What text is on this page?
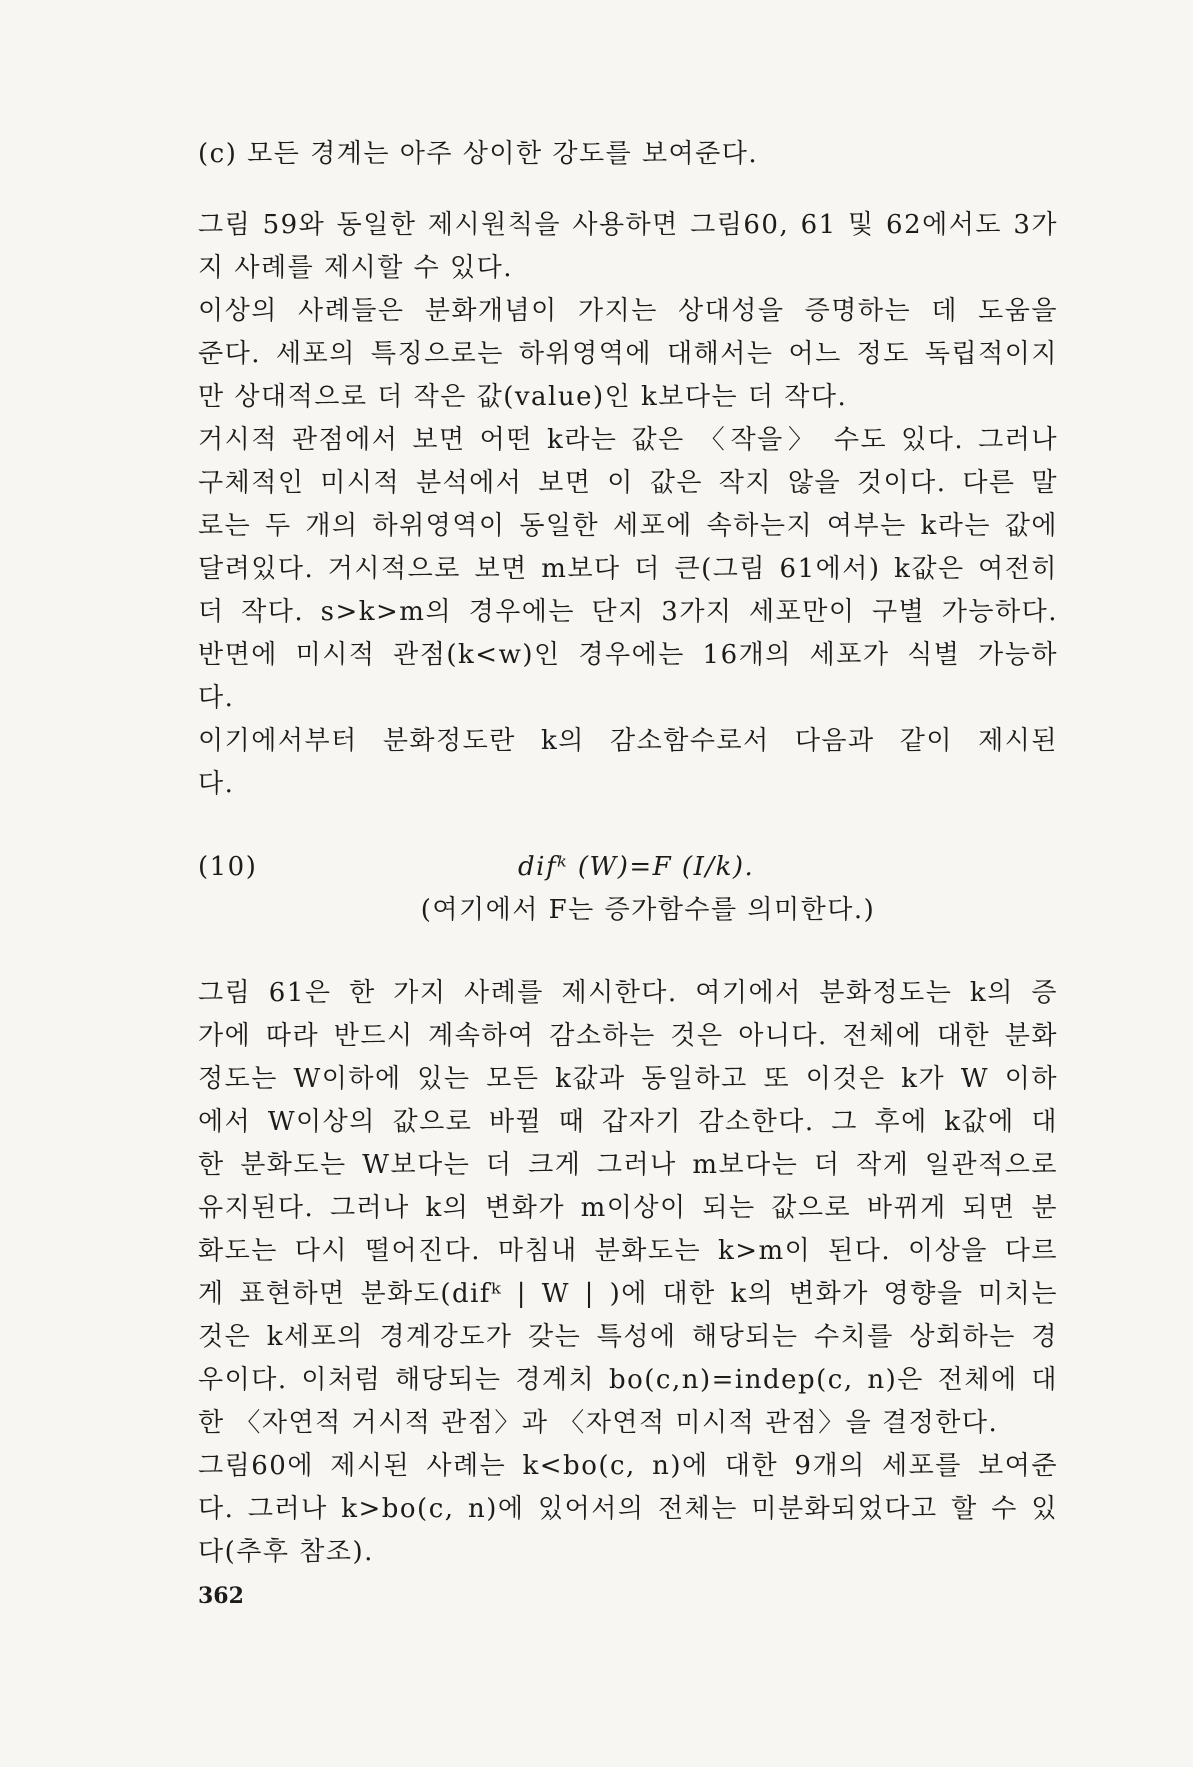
(c) 모든 경계는 아주 상이한 강도를 보여준다.

그림 59와 동일한 제시원칙을 사용하면 그림60, 61 및 62에서도 3가
지 사례를 제시할 수 있다.

이상의 사례들은 분화개념이 가지는 상대성을 증명하는 데 도움을
준다. 세포의 특징으로는 하위영역에 대해서는 어느 정도 독립적이지
만 상대적으로 더 작은 값(value)인 k보다는 더 작다.

거시적 관점에서 보면 어떤 k라는 값은 〈작을〉 수도 있다. 그러나
구체적인 미시적 분석에서 보면 이 값은 작지 않을 것이다. 다른 말
로는 두 개의 하위영역이 동일한 세포에 속하는지 여부는 k라는 값에
달려있다. 거시적으로 보면 m보다 더 큰(그림 61에서) k값은 여전히
더 작다. s>k>m의 경우에는 단지 3가지 세포만이 구별 가능하다.
반면에 미시적 관점(k<w)인 경우에는 16개의 세포가 식별 가능하
다.

이기에서부터 분화정도란 k의 감소함수로서 다음과 같이 제시된
다.

(10)	difᵏ (W)=F (I/k).
(여기에서 F는 증가함수를 의미한다.)

그림 61은 한 가지 사례를 제시한다. 여기에서 분화정도는 k의 증
가에 따라 반드시 계속하여 감소하는 것은 아니다. 전체에 대한 분화
정도는 W이하에 있는 모든 k값과 동일하고 또 이것은 k가 W 이하
에서 W이상의 값으로 바뀔 때 갑자기 감소한다. 그 후에 k값에 대
한 분화도는 W보다는 더 크게 그러나 m보다는 더 작게 일관적으로
유지된다. 그러나 k의 변화가 m이상이 되는 값으로 바뀌게 되면 분
화도는 다시 떨어진다. 마침내 분화도는 k>m이 된다. 이상을 다르
게 표현하면 분화도(difᵏ | W | )에 대한 k의 변화가 영향을 미치는
것은 k세포의 경계강도가 갖는 특성에 해당되는 수치를 상회하는 경
우이다. 이처럼 해당되는 경계치 bo(c,n)=indep(c, n)은 전체에 대
한 〈자연적 거시적 관점〉과 〈자연적 미시적 관점〉을 결정한다.

그림60에 제시된 사례는 k<bo(c, n)에 대한 9개의 세포를 보여준
다. 그러나 k>bo(c, n)에 있어서의 전체는 미분화되었다고 할 수 있
다(추후 참조).

362
